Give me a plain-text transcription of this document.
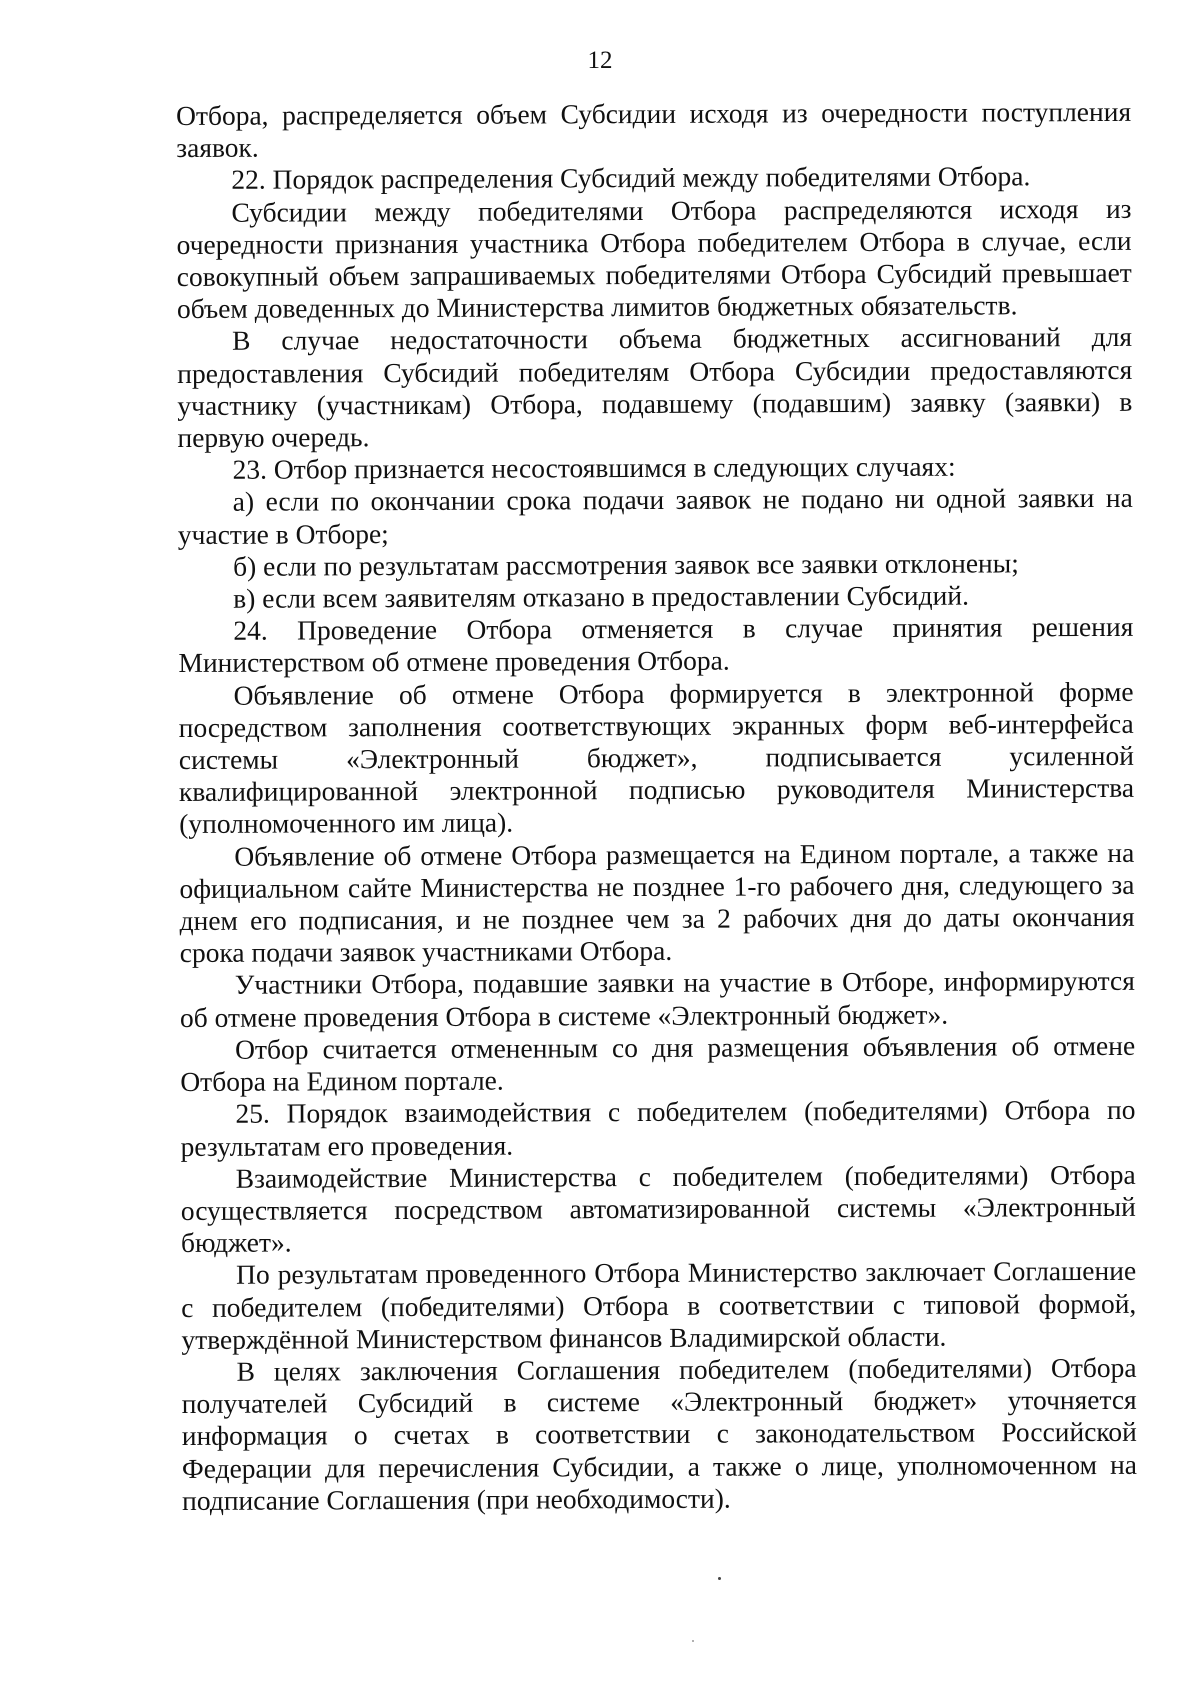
12

Отбора, распределяется объем Субсидии исходя из очередности поступления заявок.

22. Порядок распределения Субсидий между победителями Отбора.

Субсидии между победителями Отбора распределяются исходя из очередности признания участника Отбора победителем Отбора в случае, если совокупный объем запрашиваемых победителями Отбора Субсидий превышает объем доведенных до Министерства лимитов бюджетных обязательств.

В случае недостаточности объема бюджетных ассигнований для предоставления Субсидий победителям Отбора Субсидии предоставляются участнику (участникам) Отбора, подавшему (подавшим) заявку (заявки) в первую очередь.

23. Отбор признается несостоявшимся в следующих случаях:

а) если по окончании срока подачи заявок не подано ни одной заявки на участие в Отборе;

б) если по результатам рассмотрения заявок все заявки отклонены;

в) если всем заявителям отказано в предоставлении Субсидий.

24. Проведение Отбора отменяется в случае принятия решения Министерством об отмене проведения Отбора.

Объявление об отмене Отбора формируется в электронной форме посредством заполнения соответствующих экранных форм веб-интерфейса системы «Электронный бюджет», подписывается усиленной квалифицированной электронной подписью руководителя Министерства (уполномоченного им лица).

Объявление об отмене Отбора размещается на Едином портале, а также на официальном сайте Министерства не позднее 1-го рабочего дня, следующего за днем его подписания, и не позднее чем за 2 рабочих дня до даты окончания срока подачи заявок участниками Отбора.

Участники Отбора, подавшие заявки на участие в Отборе, информируются об отмене проведения Отбора в системе «Электронный бюджет».

Отбор считается отмененным со дня размещения объявления об отмене Отбора на Едином портале.

25. Порядок взаимодействия с победителем (победителями) Отбора по результатам его проведения.

Взаимодействие Министерства с победителем (победителями) Отбора осуществляется посредством автоматизированной системы «Электронный бюджет».

По результатам проведенного Отбора Министерство заключает Соглашение с победителем (победителями) Отбора в соответствии с типовой формой, утверждённой Министерством финансов Владимирской области.

В целях заключения Соглашения победителем (победителями) Отбора получателей Субсидий в системе «Электронный бюджет» уточняется информация о счетах в соответствии с законодательством Российской Федерации для перечисления Субсидии, а также о лице, уполномоченном на подписание Соглашения (при необходимости).
